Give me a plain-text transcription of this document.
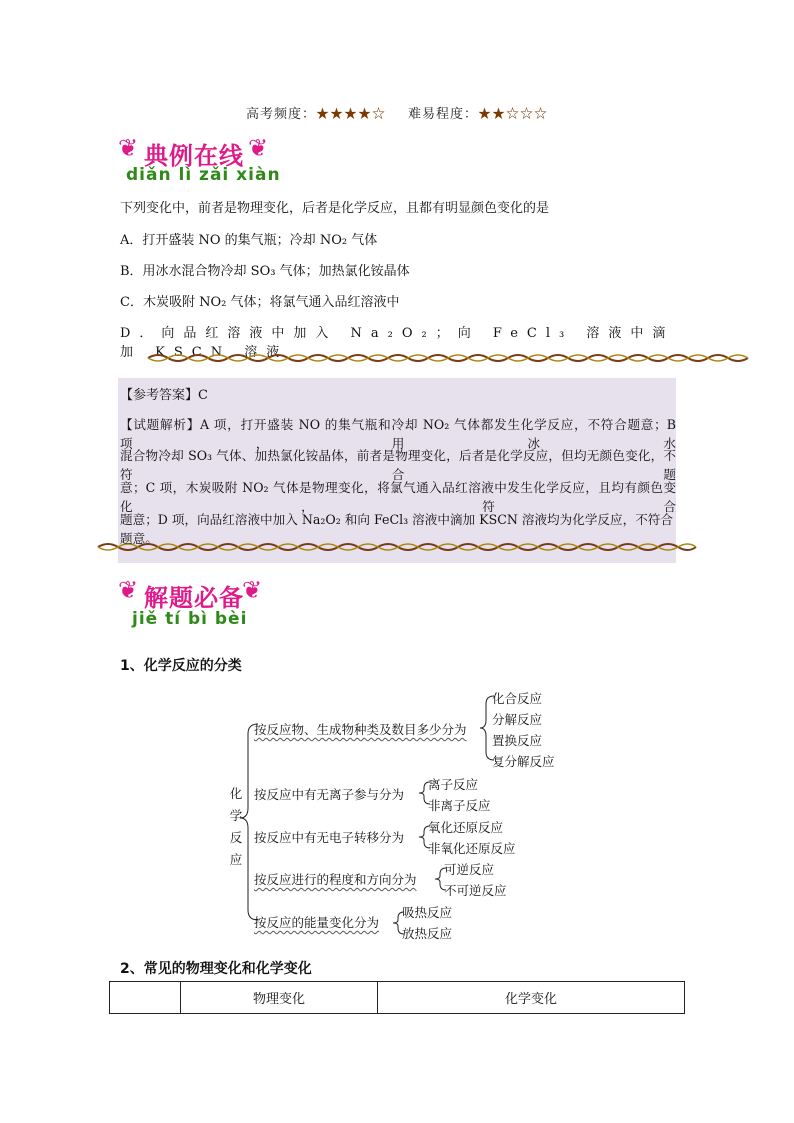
高考频度：★★★★☆ 难易程度：★★☆☆☆
❦ 典例在线 ❦
diǎn lì zǎi xiàn
下列变化中，前者是物理变化，后者是化学反应，且都有明显颜色变化的是
A．打开盛装 NO 的集气瓶；冷却 NO₂ 气体
B．用冰水混合物冷却 SO₃ 气体；加热氯化铵晶体
C．木炭吸附 NO₂ 气体；将氯气通入品红溶液中
D．向品红溶液中加入 Na₂O₂；向 FeCl₃ 溶液中滴加 KSCN 溶液
【参考答案】C
【试题解析】A 项，打开盛装 NO 的集气瓶和冷却 NO₂ 气体都发生化学反应，不符合题意；B 项，用冰水
混合物冷却 SO₃ 气体、加热氯化铵晶体，前者是物理变化，后者是化学反应，但均无颜色变化，不符合题
意；C 项，木炭吸附 NO₂ 气体是物理变化，将氯气通入品红溶液中发生化学反应，且均有颜色变化，符合
题意；D 项，向品红溶液中加入 Na₂O₂ 和向 FeCl₃ 溶液中滴加 KSCN 溶液均为化学反应，不符合题意。
❦ 解题必备
❦
jiě tí bì bèi
1、化学反应的分类
化
学
反
应
按反应物、生成物种类及数目多少分为
化合反应
分解反应
置换反应
复分解反应
按反应中有无离子参与分为
离子反应
非离子反应
按反应中有无电子转移分为
氧化还原反应
非氧化还原反应
按反应进行的程度和方向分为
可逆反应
不可逆反应
按反应的能量变化分为
吸热反应
放热反应
2、常见的物理变化和化学变化
	物理变化	化学变化
